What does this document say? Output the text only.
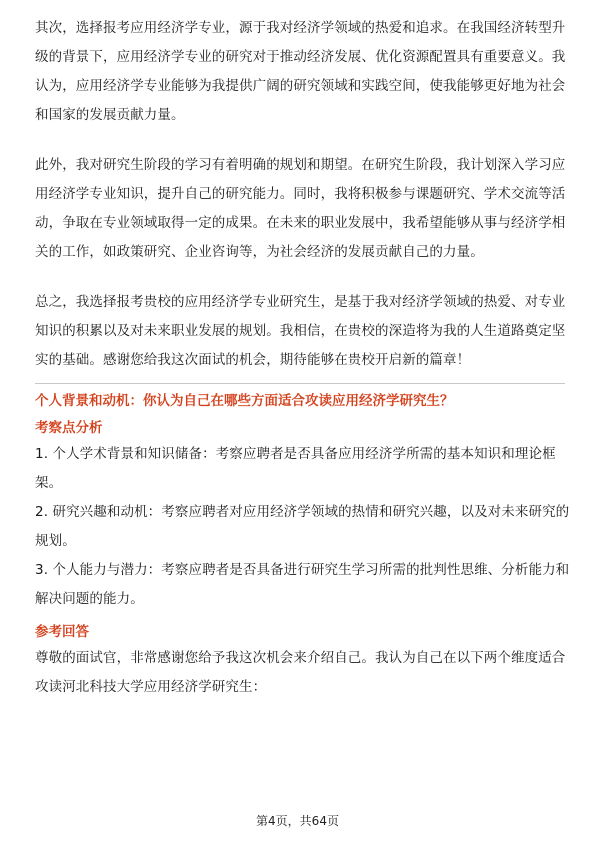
其次，选择报考应用经济学专业，源于我对经济学领域的热爱和追求。在我国经济转型升级的背景下，应用经济学专业的研究对于推动经济发展、优化资源配置具有重要意义。我认为，应用经济学专业能够为我提供广阔的研究领域和实践空间，使我能够更好地为社会和国家的发展贡献力量。

此外，我对研究生阶段的学习有着明确的规划和期望。在研究生阶段，我计划深入学习应用经济学专业知识，提升自己的研究能力。同时，我将积极参与课题研究、学术交流等活动，争取在专业领域取得一定的成果。在未来的职业发展中，我希望能够从事与经济学相关的工作，如政策研究、企业咨询等，为社会经济的发展贡献自己的力量。

总之，我选择报考贵校的应用经济学专业研究生，是基于我对经济学领域的热爱、对专业知识的积累以及对未来职业发展的规划。我相信，在贵校的深造将为我的人生道路奠定坚实的基础。感谢您给我这次面试的机会，期待能够在贵校开启新的篇章！

个人背景和动机：你认为自己在哪些方面适合攻读应用经济学研究生？

考察点分析

1. 个人学术背景和知识储备：考察应聘者是否具备应用经济学所需的基本知识和理论框架。

2. 研究兴趣和动机：考察应聘者对应用经济学领域的热情和研究兴趣，以及对未来研究的规划。

3. 个人能力与潜力：考察应聘者是否具备进行研究生学习所需的批判性思维、分析能力和解决问题的能力。

参考回答

尊敬的面试官，非常感谢您给予我这次机会来介绍自己。我认为自己在以下两个维度适合攻读河北科技大学应用经济学研究生：

第4页，共64页
